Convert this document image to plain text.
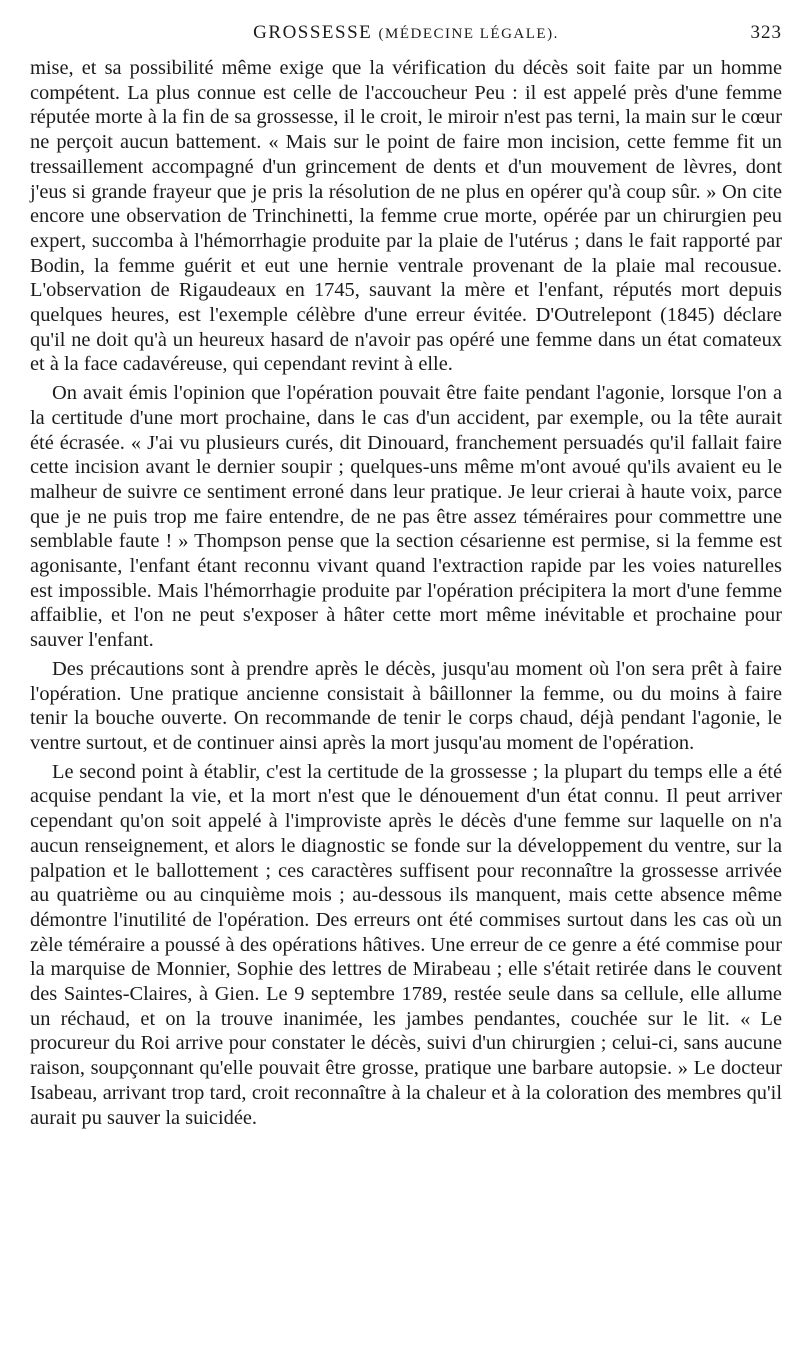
GROSSESSE (MÉDECINE LÉGALE).	323

mise, et sa possibilité même exige que la vérification du décès soit faite par un homme compétent. La plus connue est celle de l'accoucheur Peu : il est appelé près d'une femme réputée morte à la fin de sa grossesse, il le croit, le miroir n'est pas terni, la main sur le cœur ne perçoit aucun battement. « Mais sur le point de faire mon incision, cette femme fit un tressaillement accompagné d'un grincement de dents et d'un mouvement de lèvres, dont j'eus si grande frayeur que je pris la résolution de ne plus en opérer qu'à coup sûr. » On cite encore une observation de Trinchinetti, la femme crue morte, opérée par un chirurgien peu expert, succomba à l'hémorrhagie produite par la plaie de l'utérus ; dans le fait rapporté par Bodin, la femme guérit et eut une hernie ventrale provenant de la plaie mal recousue. L'observation de Rigaudeaux en 1745, sauvant la mère et l'enfant, réputés mort depuis quelques heures, est l'exemple célèbre d'une erreur évitée. D'Outrelepont (1845) déclare qu'il ne doit qu'à un heureux hasard de n'avoir pas opéré une femme dans un état comateux et à la face cadavéreuse, qui cependant revint à elle.

On avait émis l'opinion que l'opération pouvait être faite pendant l'agonie, lorsque l'on a la certitude d'une mort prochaine, dans le cas d'un accident, par exemple, ou la tête aurait été écrasée. « J'ai vu plusieurs curés, dit Dinouard, franchement persuadés qu'il fallait faire cette incision avant le dernier soupir ; quelques-uns même m'ont avoué qu'ils avaient eu le malheur de suivre ce sentiment erroné dans leur pratique. Je leur crierai à haute voix, parce que je ne puis trop me faire entendre, de ne pas être assez téméraires pour commettre une semblable faute ! » Thompson pense que la section césarienne est permise, si la femme est agonisante, l'enfant étant reconnu vivant quand l'extraction rapide par les voies naturelles est impossible. Mais l'hémorrhagie produite par l'opération précipitera la mort d'une femme affaiblie, et l'on ne peut s'exposer à hâter cette mort même inévitable et prochaine pour sauver l'enfant.

Des précautions sont à prendre après le décès, jusqu'au moment où l'on sera prêt à faire l'opération. Une pratique ancienne consistait à bâillonner la femme, ou du moins à faire tenir la bouche ouverte. On recommande de tenir le corps chaud, déjà pendant l'agonie, le ventre surtout, et de continuer ainsi après la mort jusqu'au moment de l'opération.

Le second point à établir, c'est la certitude de la grossesse ; la plupart du temps elle a été acquise pendant la vie, et la mort n'est que le dénouement d'un état connu. Il peut arriver cependant qu'on soit appelé à l'improviste après le décès d'une femme sur laquelle on n'a aucun renseignement, et alors le diagnostic se fonde sur la développement du ventre, sur la palpation et le ballottement ; ces caractères suffisent pour reconnaître la grossesse arrivée au quatrième ou au cinquième mois ; au-dessous ils manquent, mais cette absence même démontre l'inutilité de l'opération. Des erreurs ont été commises surtout dans les cas où un zèle téméraire a poussé à des opérations hâtives. Une erreur de ce genre a été commise pour la marquise de Monnier, Sophie des lettres de Mirabeau ; elle s'était retirée dans le couvent des Saintes-Claires, à Gien. Le 9 septembre 1789, restée seule dans sa cellule, elle allume un réchaud, et on la trouve inanimée, les jambes pendantes, couchée sur le lit. « Le procureur du Roi arrive pour constater le décès, suivi d'un chirurgien ; celui-ci, sans aucune raison, soupçonnant qu'elle pouvait être grosse, pratique une barbare autopsie. » Le docteur Isabeau, arrivant trop tard, croit reconnaître à la chaleur et à la coloration des membres qu'il aurait pu sauver la suicidée.
